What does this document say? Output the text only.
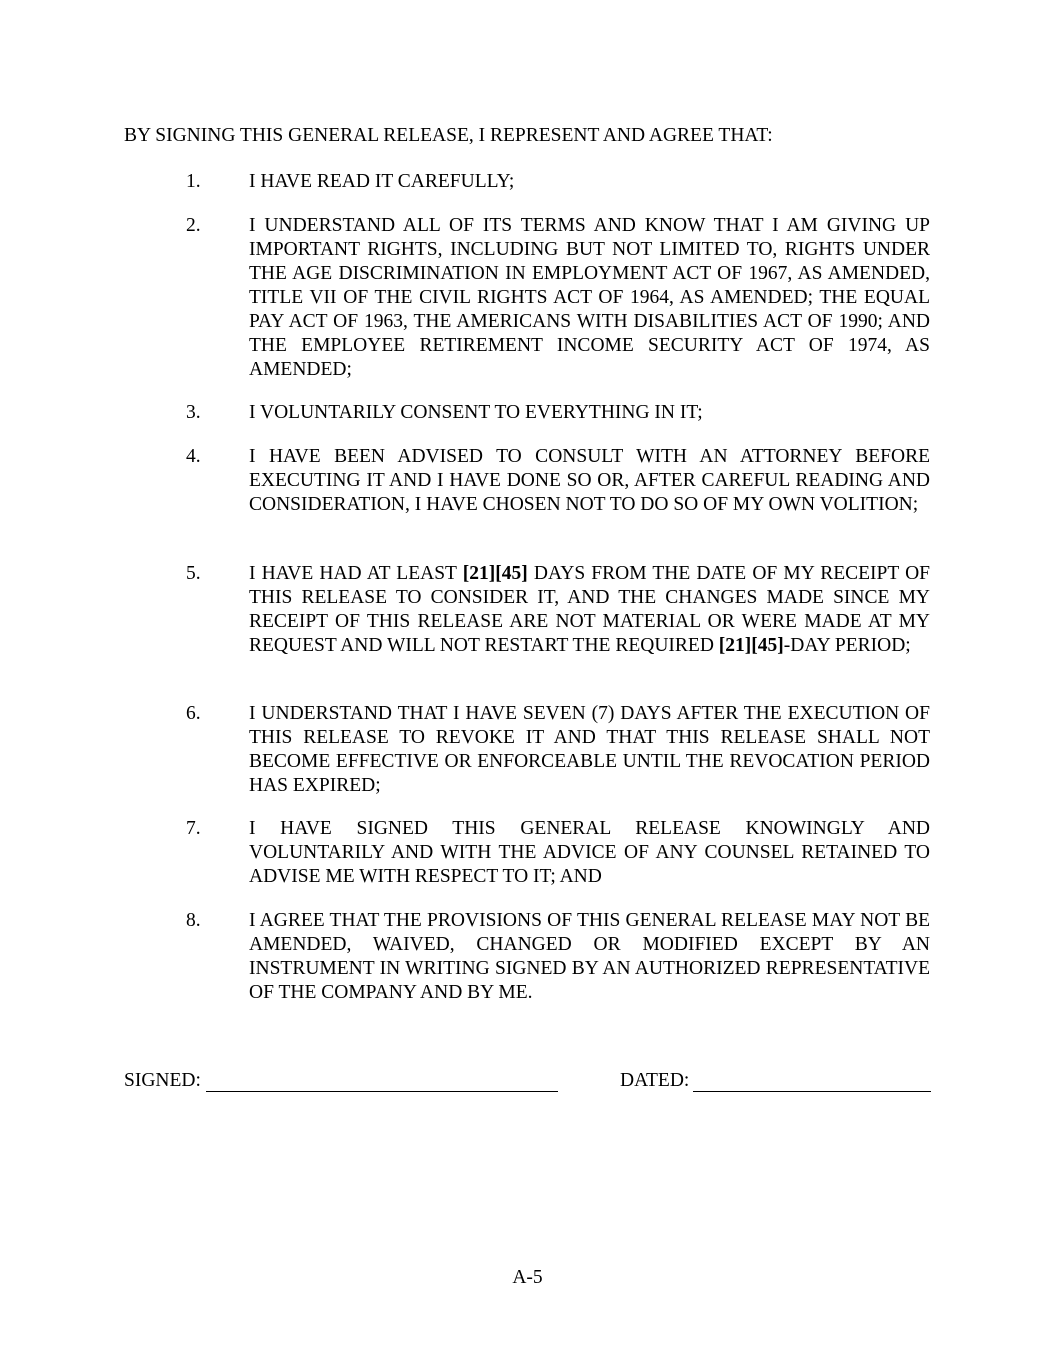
BY SIGNING THIS GENERAL RELEASE, I REPRESENT AND AGREE THAT:

1.	I HAVE READ IT CAREFULLY;
2.	I UNDERSTAND ALL OF ITS TERMS AND KNOW THAT I AM GIVING UP IMPORTANT RIGHTS, INCLUDING BUT NOT LIMITED TO, RIGHTS UNDER THE AGE DISCRIMINATION IN EMPLOYMENT ACT OF 1967, AS AMENDED, TITLE VII OF THE CIVIL RIGHTS ACT OF 1964, AS AMENDED; THE EQUAL PAY ACT OF 1963, THE AMERICANS WITH DISABILITIES ACT OF 1990; AND THE EMPLOYEE RETIREMENT INCOME SECURITY ACT OF 1974, AS AMENDED;
3.	I VOLUNTARILY CONSENT TO EVERYTHING IN IT;
4.	I HAVE BEEN ADVISED TO CONSULT WITH AN ATTORNEY BEFORE EXECUTING IT AND I HAVE DONE SO OR, AFTER CAREFUL READING AND CONSIDERATION, I HAVE CHOSEN NOT TO DO SO OF MY OWN VOLITION;
5.	I HAVE HAD AT LEAST [21][45] DAYS FROM THE DATE OF MY RECEIPT OF THIS RELEASE TO CONSIDER IT, AND THE CHANGES MADE SINCE MY RECEIPT OF THIS RELEASE ARE NOT MATERIAL OR WERE MADE AT MY REQUEST AND WILL NOT RESTART THE REQUIRED [21][45]-DAY PERIOD;
6.	I UNDERSTAND THAT I HAVE SEVEN (7) DAYS AFTER THE EXECUTION OF THIS RELEASE TO REVOKE IT AND THAT THIS RELEASE SHALL NOT BECOME EFFECTIVE OR ENFORCEABLE UNTIL THE REVOCATION PERIOD HAS EXPIRED;
7.	I HAVE SIGNED THIS GENERAL RELEASE KNOWINGLY AND VOLUNTARILY AND WITH THE ADVICE OF ANY COUNSEL RETAINED TO ADVISE ME WITH RESPECT TO IT; AND
8.	I AGREE THAT THE PROVISIONS OF THIS GENERAL RELEASE MAY NOT BE AMENDED, WAIVED, CHANGED OR MODIFIED EXCEPT BY AN INSTRUMENT IN WRITING SIGNED BY AN AUTHORIZED REPRESENTATIVE OF THE COMPANY AND BY ME.
SIGNED:	DATED:
A-5
